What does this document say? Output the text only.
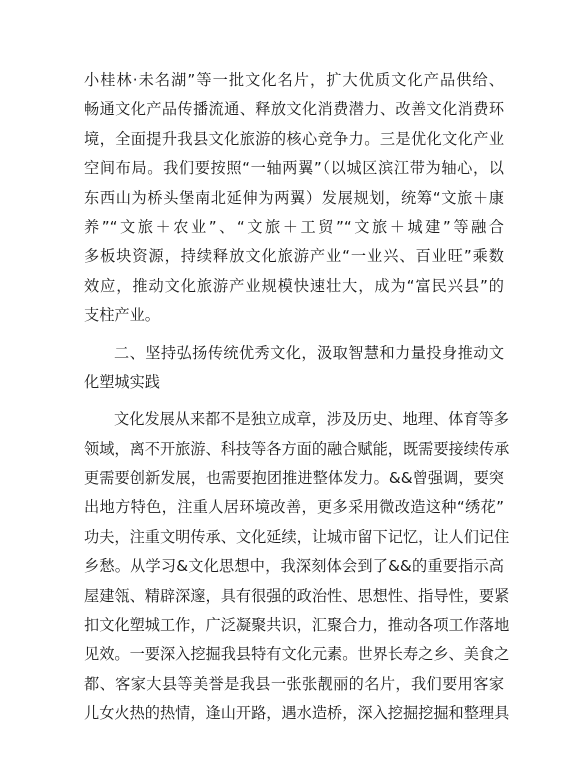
小桂林·未名湖”等一批文化名片，扩大优质文化产品供给、
畅通文化产品传播流通、释放文化消费潜力、改善文化消费环
境，全面提升我县文化旅游的核心竞争力。三是优化文化产业
空间布局。我们要按照“一轴两翼”（以城区滨江带为轴心，以
东西山为桥头堡南北延伸为两翼）发展规划，统筹“文旅＋康
养”“文旅＋农业”、“文旅＋工贸”“文旅＋城建”等融合
多板块资源，持续释放文化旅游产业“一业兴、百业旺”乘数
效应，推动文化旅游产业规模快速壮大，成为“富民兴县”的
支柱产业。
二、坚持弘扬传统优秀文化，汲取智慧和力量投身推动文
化塑城实践
文化发展从来都不是独立成章，涉及历史、地理、体育等多
领域，离不开旅游、科技等各方面的融合赋能，既需要接续传承
更需要创新发展，也需要抱团推进整体发力。&&曾强调，要突
出地方特色，注重人居环境改善，更多采用微改造这种“绣花”
功夫，注重文明传承、文化延续，让城市留下记忆，让人们记住
乡愁。从学习&文化思想中，我深刻体会到了&&的重要指示高
屋建瓴、精辟深邃，具有很强的政治性、思想性、指导性，要紧
扣文化塑城工作，广泛凝聚共识，汇聚合力，推动各项工作落地
见效。一要深入挖掘我县特有文化元素。世界长寿之乡、美食之
都、客家大县等美誉是我县一张张靓丽的名片，我们要用客家
儿女火热的热情，逢山开路，遇水造桥，深入挖掘挖掘和整理具
